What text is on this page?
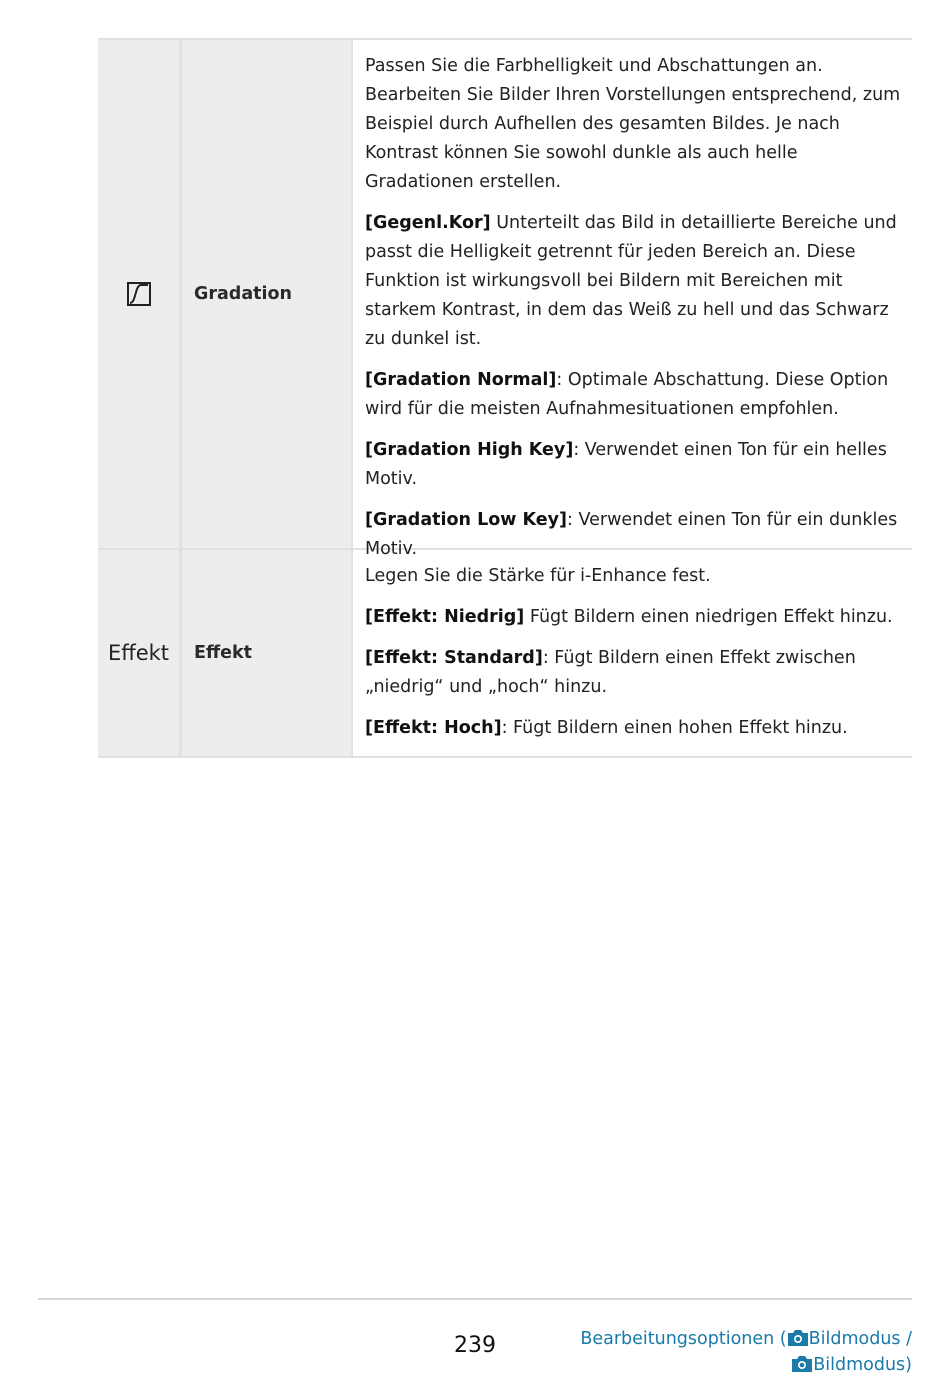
Gradation

Passen Sie die Farbhelligkeit und Abschattungen an. Bearbeiten Sie Bilder Ihren Vorstellungen entsprechend, zum Beispiel durch Aufhellen des gesamten Bildes. Je nach Kontrast können Sie sowohl dunkle als auch helle Gradationen erstellen.

[Gegenl.Kor] Unterteilt das Bild in detaillierte Bereiche und passt die Helligkeit getrennt für jeden Bereich an. Diese Funktion ist wirkungsvoll bei Bildern mit Bereichen mit starkem Kontrast, in dem das Weiß zu hell und das Schwarz zu dunkel ist.

[Gradation Normal]: Optimale Abschattung. Diese Option wird für die meisten Aufnahmesituationen empfohlen.

[Gradation High Key]: Verwendet einen Ton für ein helles Motiv.

[Gradation Low Key]: Verwendet einen Ton für ein dunkles Motiv.

Effekt	Effekt

Legen Sie die Stärke für i-Enhance fest.

[Effekt: Niedrig] Fügt Bildern einen niedrigen Effekt hinzu.

[Effekt: Standard]: Fügt Bildern einen Effekt zwischen „niedrig“ und „hoch“ hinzu.

[Effekt: Hoch]: Fügt Bildern einen hohen Effekt hinzu.

239	Bearbeitungsoptionen ( Bildmodus /
Bildmodus)
